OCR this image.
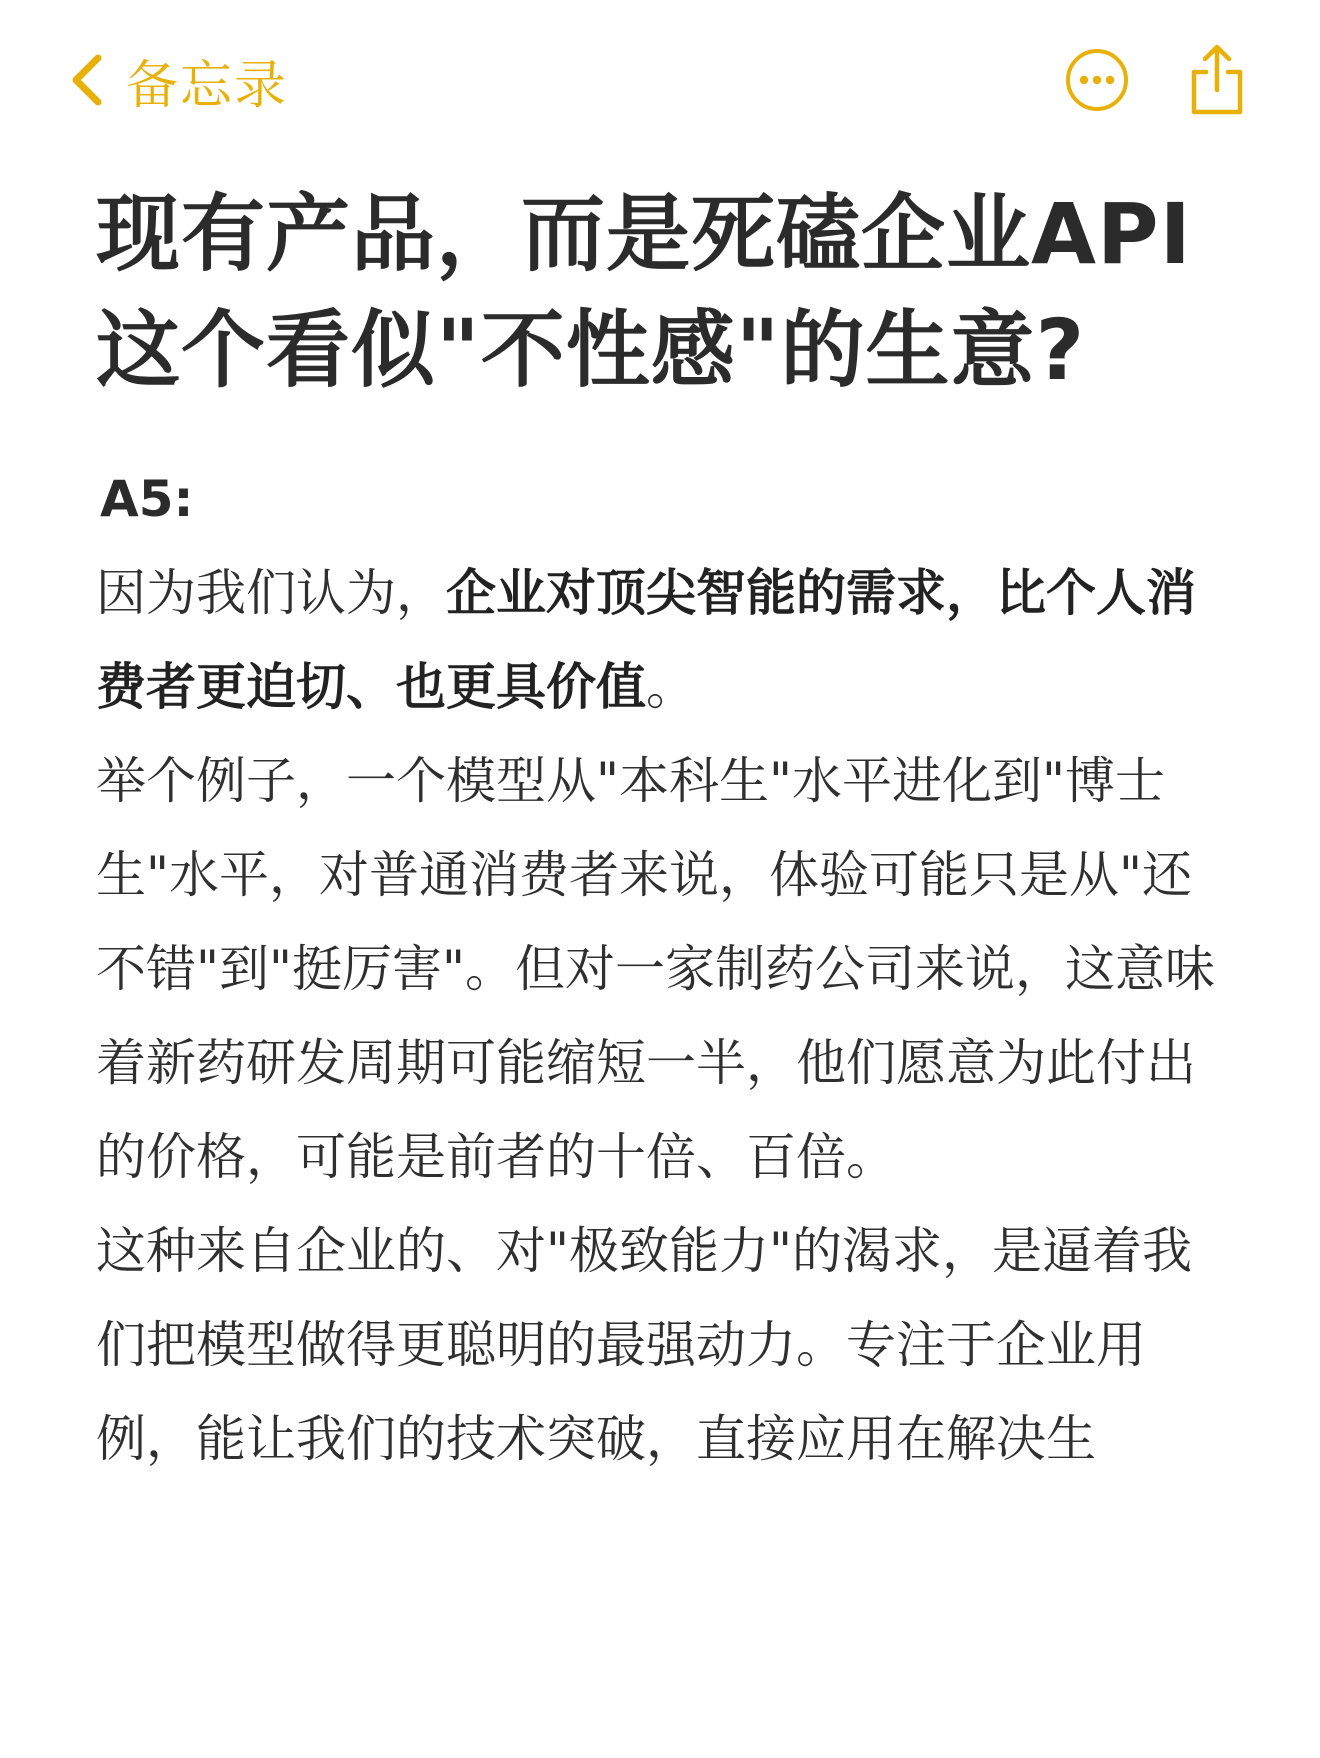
备忘录
现有产品，而是死磕企业API这个看似"不性感"的生意?

A5:

因为我们认为，企业对顶尖智能的需求，比个人消费者更迫切、也更具价值。

举个例子，一个模型从"本科生"水平进化到"博士生"水平，对普通消费者来说，体验可能只是从"还不错"到"挺厉害"。但对一家制药公司来说，这意味着新药研发周期可能缩短一半，他们愿意为此付出的价格，可能是前者的十倍、百倍。

这种来自企业的、对"极致能力"的渴求，是逼着我们把模型做得更聪明的最强动力。专注于企业用例，能让我们的技术突破，直接应用在解决生
